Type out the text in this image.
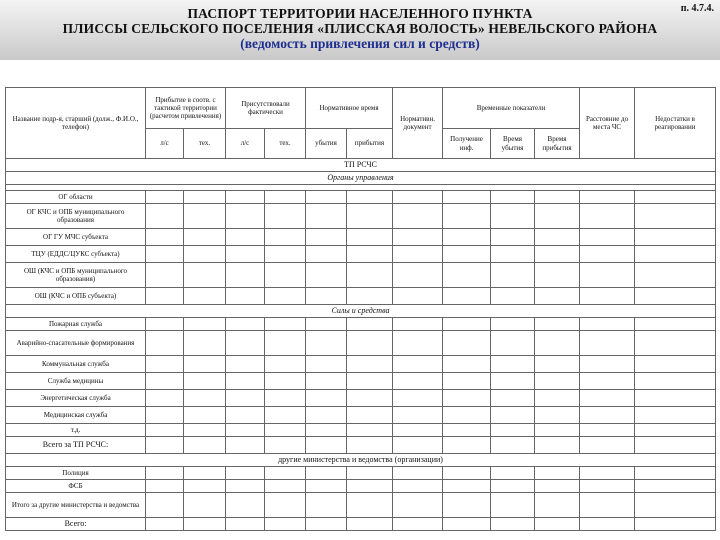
п. 4.7.4.
ПАСПОРТ ТЕРРИТОРИИ НАСЕЛЕННОГО ПУНКТА
ПЛИССЫ СЕЛЬСКОГО ПОСЕЛЕНИЯ «ПЛИССКАЯ ВОЛОСТЬ» НЕВЕЛЬСКОГО РАЙОНА
(ведомость привлечения сил и средств)
Название подр-я, старший (долж., Ф.И.О., телефон)	Прибытие в соотв. с тактикой территории (расчетом привлечения)		Присутствовали фактически		Нормативное время		Нормативн. документ	Временные показатели			Расстояние до места ЧС	Недостатки в реагировании
	л/с	тех.	л/с	тех.	убытия	прибытия		Получение инф.	Время убытия	Время прибытия		
ТП РСЧС												
Органы управления												

ОГ области												
ОГ КЧС и ОПБ муниципального образования												
ОГ ГУ МЧС субъекта												
ТЦУ (ЕДДС/ЦУКС субъекта)												
ОШ (КЧС и ОПБ муниципального образования)												
ОШ (КЧС и ОПБ субъекта)												
Силы и средства												
Пожарная служба												
Аварийно-спасательные формирования												
Коммунальная служба												
Служба медицины												
Энергетическая служба												
Медицинская служба												
т.д.												
Всего за ТП РСЧС:												
другие министерства и ведомства (организации)												
Полиция												
ФСБ												
Итого за другие министерства и ведомства												
Всего:												
